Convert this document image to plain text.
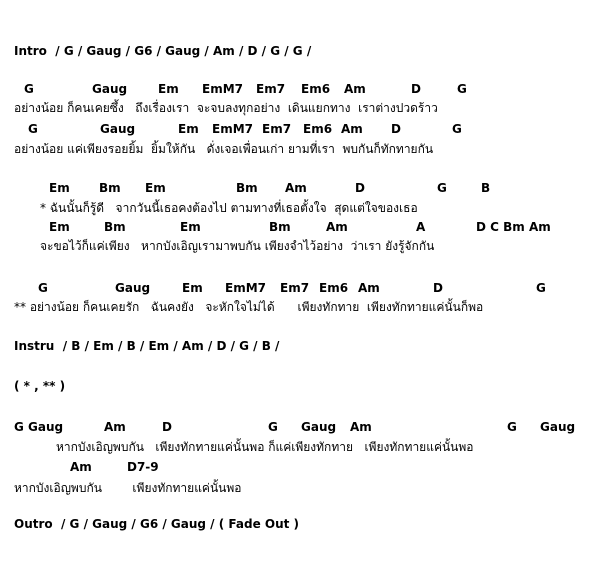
Intro  / G / Gaug / G6 / Gaug / Am / D / G / G /

G

	Gaug

	Em

EmM7

Em7

Em6

Am

	D

	G

อย่างน้อย ก็คนเคยซึ้ง   ถึงเรื่องเรา  จะจบลงทุกอย่าง  เดินแยกทาง  เราต่างปวดร้าว

G

	Gaug

	Em

EmM7

Em7

Em6

Am

D

	G

อย่างน้อย แค่เพียงรอยยิ้ม  ยิ้มให้กัน   ดั่งเจอเพื่อนเก่า ยามที่เรา  พบกันก็ทักทายกัน

Em

Bm

Em

	Bm

Am

	D

	G

	B

* ฉันนั้นก็รู้ดี   จากวันนี้เธอคงต้องไป ตามทางที่เธอตั้งใจ  สุดแต่ใจของเธอ

Em

	Bm

	Em

	Bm

	Am

	A

	D C Bm Am

จะขอไว้ก็แค่เพียง   หากบังเอิญเรามาพบกัน เพียงจำไว้อย่าง  ว่าเรา ยังรู้จักกัน

G

	Gaug

	Em

EmM7

Em7

Em6

Am

	D

	G

** อย่างน้อย ก็คนเคยรัก   ฉันคงยัง   จะหักใจไม่ได้      เพียงทักทาย  เพียงทักทายแค่นั้นก็พอ
Instru  / B / Em / B / Em / Am / D / G / B /
( * , ** )

G Gaug

	Am

	D

	G

Gaug

Am

	G

Gaug

หากบังเอิญพบกัน   เพียงทักทายแค่นั้นพอ ก็แค่เพียงทักทาย   เพียงทักทายแค่นั้นพอ

Am

	D7-9

หากบังเอิญพบกัน        เพียงทักทายแค่นั้นพอ
Outro  / G / Gaug / G6 / Gaug / ( Fade Out )
